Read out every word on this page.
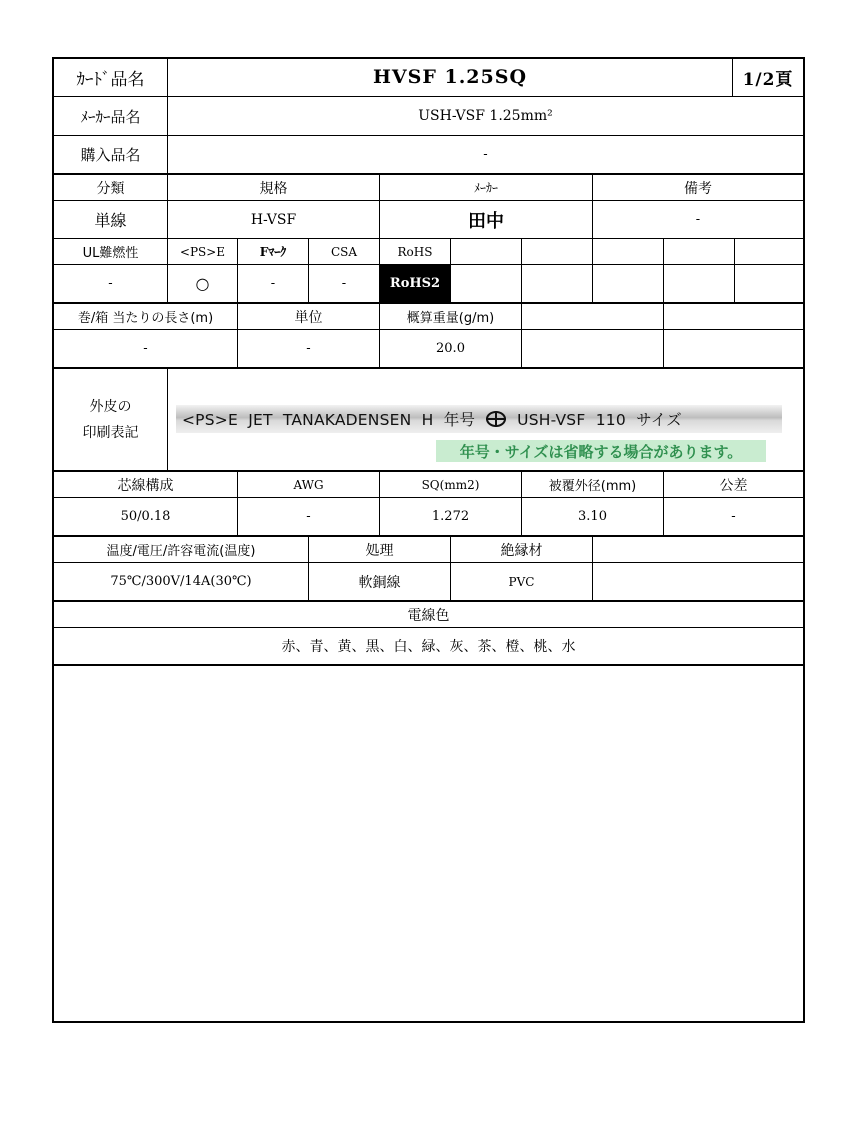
ｶｰﾄﾞ品名	HVSF 1.25SQ	1/2頁
ﾒｰｶｰ品名	USH-VSF 1.25mm²
購入品名	-
分類	規格	ﾒｰｶｰ	備考
単線	H-VSF	田中	-
UL難燃性	<PS>E	Fﾏｰｸ	CSA	RoHS
-	○	-	-	RoHS2
巻/箱 当たりの長さ(m)	単位	概算重量(g/m)
-	-	20.0
外皮の
印刷表記
<PS>E  JET  TANAKADENSEN  H  年号	USH-VSF  110  サイズ
年号・サイズは省略する場合があります。
芯線構成	AWG	SQ(mm2)	被覆外径(mm)	公差
50/0.18	-	1.272	3.10	-
温度/電圧/許容電流(温度)	処理	絶縁材
75℃/300V/14A(30℃)	軟銅線	PVC
電線色
赤、青、黄、黒、白、緑、灰、茶、橙、桃、水
